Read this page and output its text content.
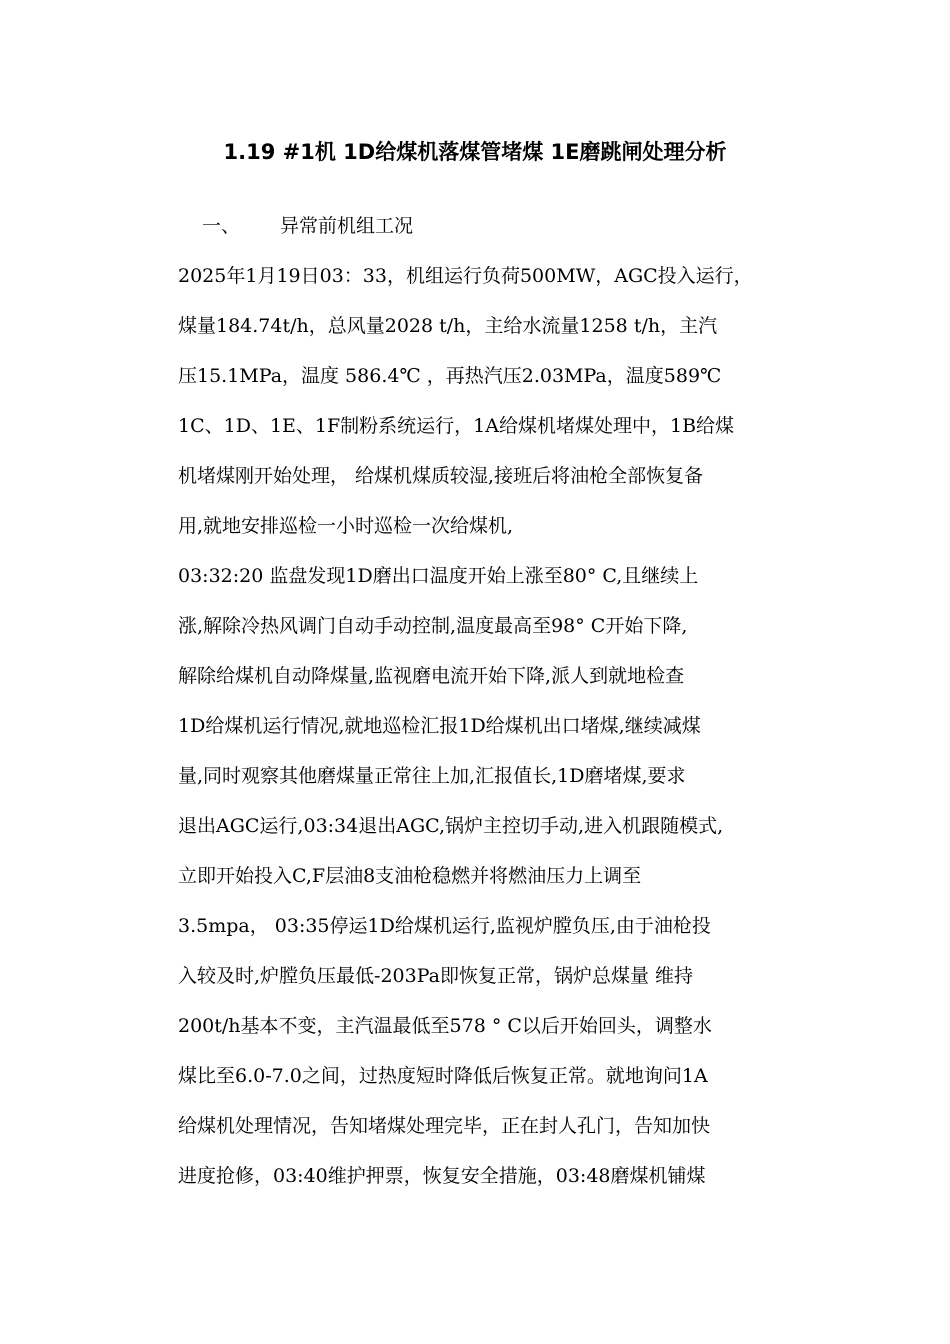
1.19 #1机 1D给煤机落煤管堵煤 1E磨跳闸处理分析
一、 异常前机组工况
2025年1月19日03：33，机组运行负荷500MW，AGC投入运行，
煤量184.74t/h，总风量2028 t/h，主给水流量1258 t/h，主汽
压15.1MPa，温度 586.4℃ ，再热汽压2.03MPa，温度589℃
1C、1D、1E、1F制粉系统运行，1A给煤机堵煤处理中，1B给煤
机堵煤刚开始处理， 给煤机煤质较湿,接班后将油枪全部恢复备
用,就地安排巡检一小时巡检一次给煤机,
03:32:20 监盘发现1D磨出口温度开始上涨至80° C,且继续上
涨,解除冷热风调门自动手动控制,温度最高至98° C开始下降,
解除给煤机自动降煤量,监视磨电流开始下降,派人到就地检查
1D给煤机运行情况,就地巡检汇报1D给煤机出口堵煤,继续减煤
量,同时观察其他磨煤量正常往上加,汇报值长,1D磨堵煤,要求
退出AGC运行,03:34退出AGC,锅炉主控切手动,进入机跟随模式,
立即开始投入C,F层油8支油枪稳燃并将燃油压力上调至
3.5mpa， 03:35停运1D给煤机运行,监视炉膛负压,由于油枪投
入较及时,炉膛负压最低-203Pa即恢复正常，锅炉总煤量 维持
200t/h基本不变，主汽温最低至578 ° C以后开始回头，调整水
煤比至6.0-7.0之间，过热度短时降低后恢复正常。就地询问1A
给煤机处理情况，告知堵煤处理完毕，正在封人孔门，告知加快
进度抢修，03:40维护押票，恢复安全措施，03:48磨煤机铺煤
